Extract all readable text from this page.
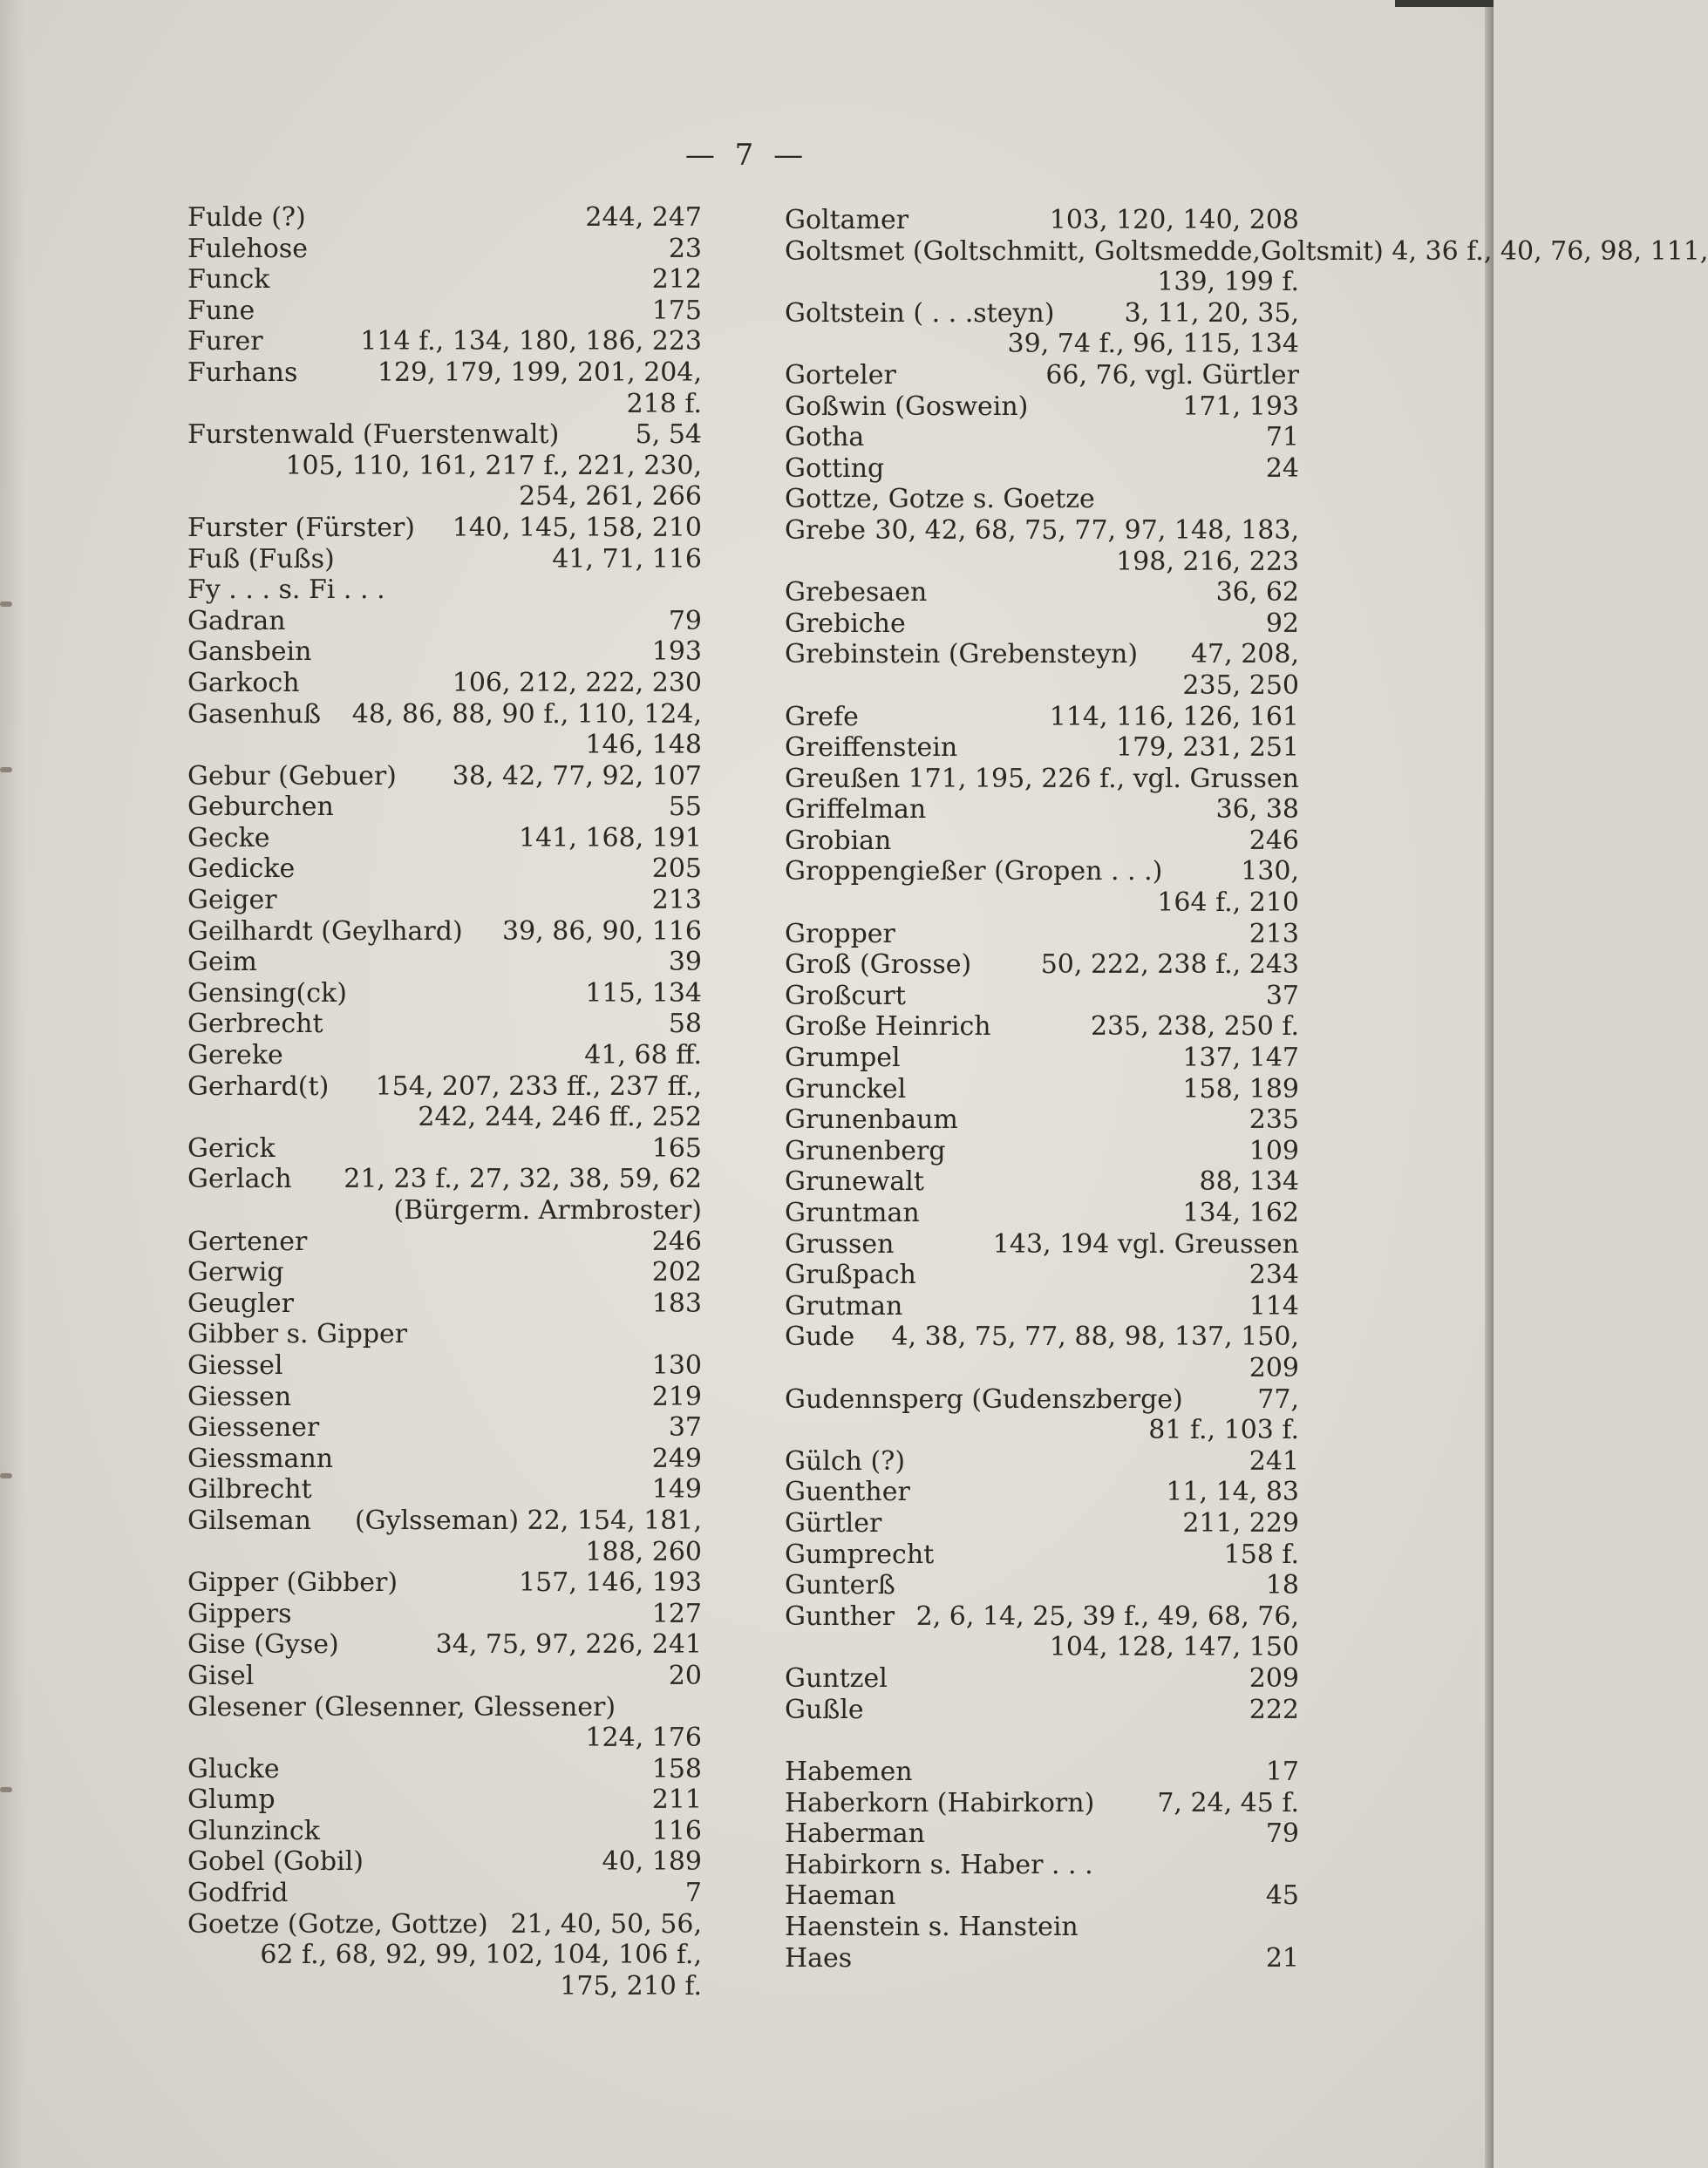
— 7 —
Fulde (?)	244, 247
Fulehose	23
Funck	212
Fune	175
Furer	114 f., 134, 180, 186, 223
Furhans	129, 179, 199, 201, 204,
218 f.
Furstenwald (Fuerstenwalt)	5, 54
105, 110, 161, 217 f., 221, 230,
254, 261, 266
Furster (Fürster) 140, 145, 158, 210
Fuß (Fußs)	41, 71, 116
Fy . . . s. Fi . . .
Gadran	79
Gansbein	193
Garkoch	106, 212, 222, 230
Gasenhuß 48, 86, 88, 90 f., 110, 124,
146, 148
Gebur (Gebuer) 38, 42, 77, 92, 107
Geburchen	55
Gecke	141, 168, 191
Gedicke	205
Geiger	213
Geilhardt (Geylhard) 39, 86, 90, 116
Geim	39
Gensing(ck)	115, 134
Gerbrecht	58
Gereke	41, 68 ff.
Gerhard(t) 154, 207, 233 ff., 237 ff.,
242, 244, 246 ff., 252
Gerick	165
Gerlach 21, 23 f., 27, 32, 38, 59, 62
(Bürgerm. Armbroster)
Gertener	246
Gerwig	202
Geugler	183
Gibber s. Gipper
Giessel	130
Giessen	219
Giessener	37
Giessmann	249
Gilbrecht	149
Gilseman (Gylsseman) 22, 154, 181,
188, 260
Gipper (Gibber)	157, 146, 193
Gippers	127
Gise (Gyse)	34, 75, 97, 226, 241
Gisel	20
Glesener (Glesenner, Glessener)
124, 176
Glucke	158
Glump	211
Glunzinck	116
Gobel (Gobil)	40, 189
Godfrid	7
Goetze (Gotze, Gottze) 21, 40, 50, 56,
62 f., 68, 92, 99, 102, 104, 106 f.,
175, 210 f.
Goltamer	103, 120, 140, 208
Goltsmet (Goltschmitt, Goltsmedde, Goltsmit) 4, 36 f., 40, 76, 98, 111,
139, 199 f.
Goltstein ( . . .steyn)	3, 11, 20, 35,
39, 74 f., 96, 115, 134
Gorteler	66, 76, vgl. Gürtler
Goßwin (Goswein)	171, 193
Gotha	71
Gotting	24
Gottze, Gotze s. Goetze
Grebe 30, 42, 68, 75, 77, 97, 148, 183,
198, 216, 223
Grebesaen	36, 62
Grebiche	92
Grebinstein (Grebensteyn) 47, 208,
235, 250
Grefe	114, 116, 126, 161
Greiffenstein	179, 231, 251
Greußen 171, 195, 226 f., vgl. Grussen
Griffelman	36, 38
Grobian	246
Groppengießer (Gropen . . .)	130,
164 f., 210
Gropper	213
Groß (Grosse)	50, 222, 238 f., 243
Großcurt	37
Große Heinrich	235, 238, 250 f.
Grumpel	137, 147
Grunckel	158, 189
Grunenbaum	235
Grunenberg	109
Grunewalt	88, 134
Gruntman	134, 162
Grussen	143, 194 vgl. Greussen
Grußpach	234
Grutman	114
Gude 4, 38, 75, 77, 88, 98, 137, 150,
209
Gudennsperg (Gudenszberge)	77,
81 f., 103 f.
Gülch (?)	241
Guenther	11, 14, 83
Gürtler	211, 229
Gumprecht	158 f.
Gunterß	18
Gunther 2, 6, 14, 25, 39 f., 49, 68, 76,
104, 128, 147, 150
Guntzel	209
Gußle	222
Habemen	17
Haberkorn (Habirkorn) 7, 24, 45 f.
Haberman	79
Habirkorn s. Haber . . .
Haeman	45
Haenstein s. Hanstein
Haes	21
